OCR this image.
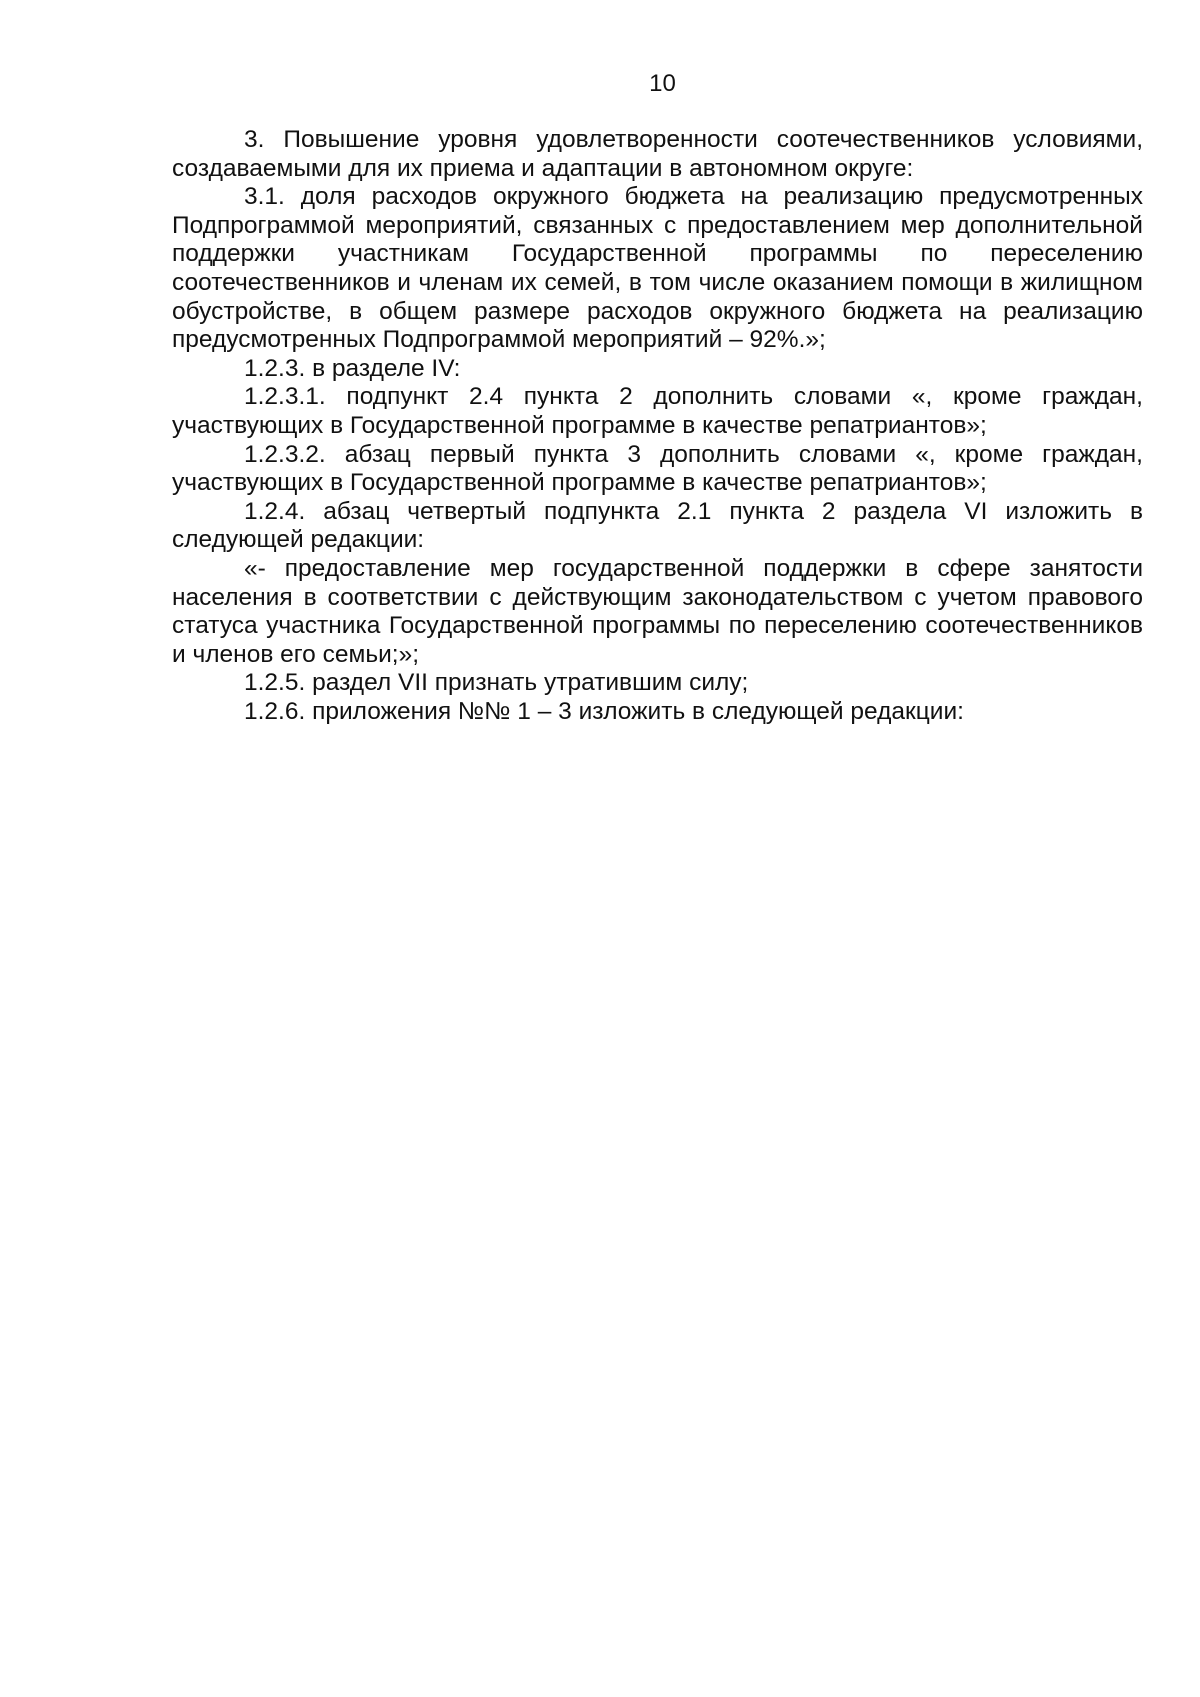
10

3. Повышение уровня удовлетворенности соотечественников условиями, создаваемыми для их приема и адаптации в автономном округе:

3.1. доля расходов окружного бюджета на реализацию предусмотренных Подпрограммой мероприятий, связанных с предоставлением мер дополнительной поддержки участникам Государственной программы по переселению соотечественников и членам их семей, в том числе оказанием помощи в жилищном обустройстве, в общем размере расходов окружного бюджета на реализацию предусмотренных Подпрограммой мероприятий – 92%.»;

1.2.3. в разделе IV:

1.2.3.1. подпункт 2.4 пункта 2 дополнить словами «, кроме граждан, участвующих в Государственной программе в качестве репатриантов»;

1.2.3.2. абзац первый пункта 3 дополнить словами «, кроме граждан, участвующих в Государственной программе в качестве репатриантов»;

1.2.4. абзац четвертый подпункта 2.1 пункта 2 раздела VI изложить в следующей редакции:

«- предоставление мер государственной поддержки в сфере занятости населения в соответствии с действующим законодательством с учетом правового статуса участника Государственной программы по переселению соотечественников и членов его семьи;»;

1.2.5. раздел VII признать утратившим силу;

1.2.6. приложения №№ 1 – 3 изложить в следующей редакции:
